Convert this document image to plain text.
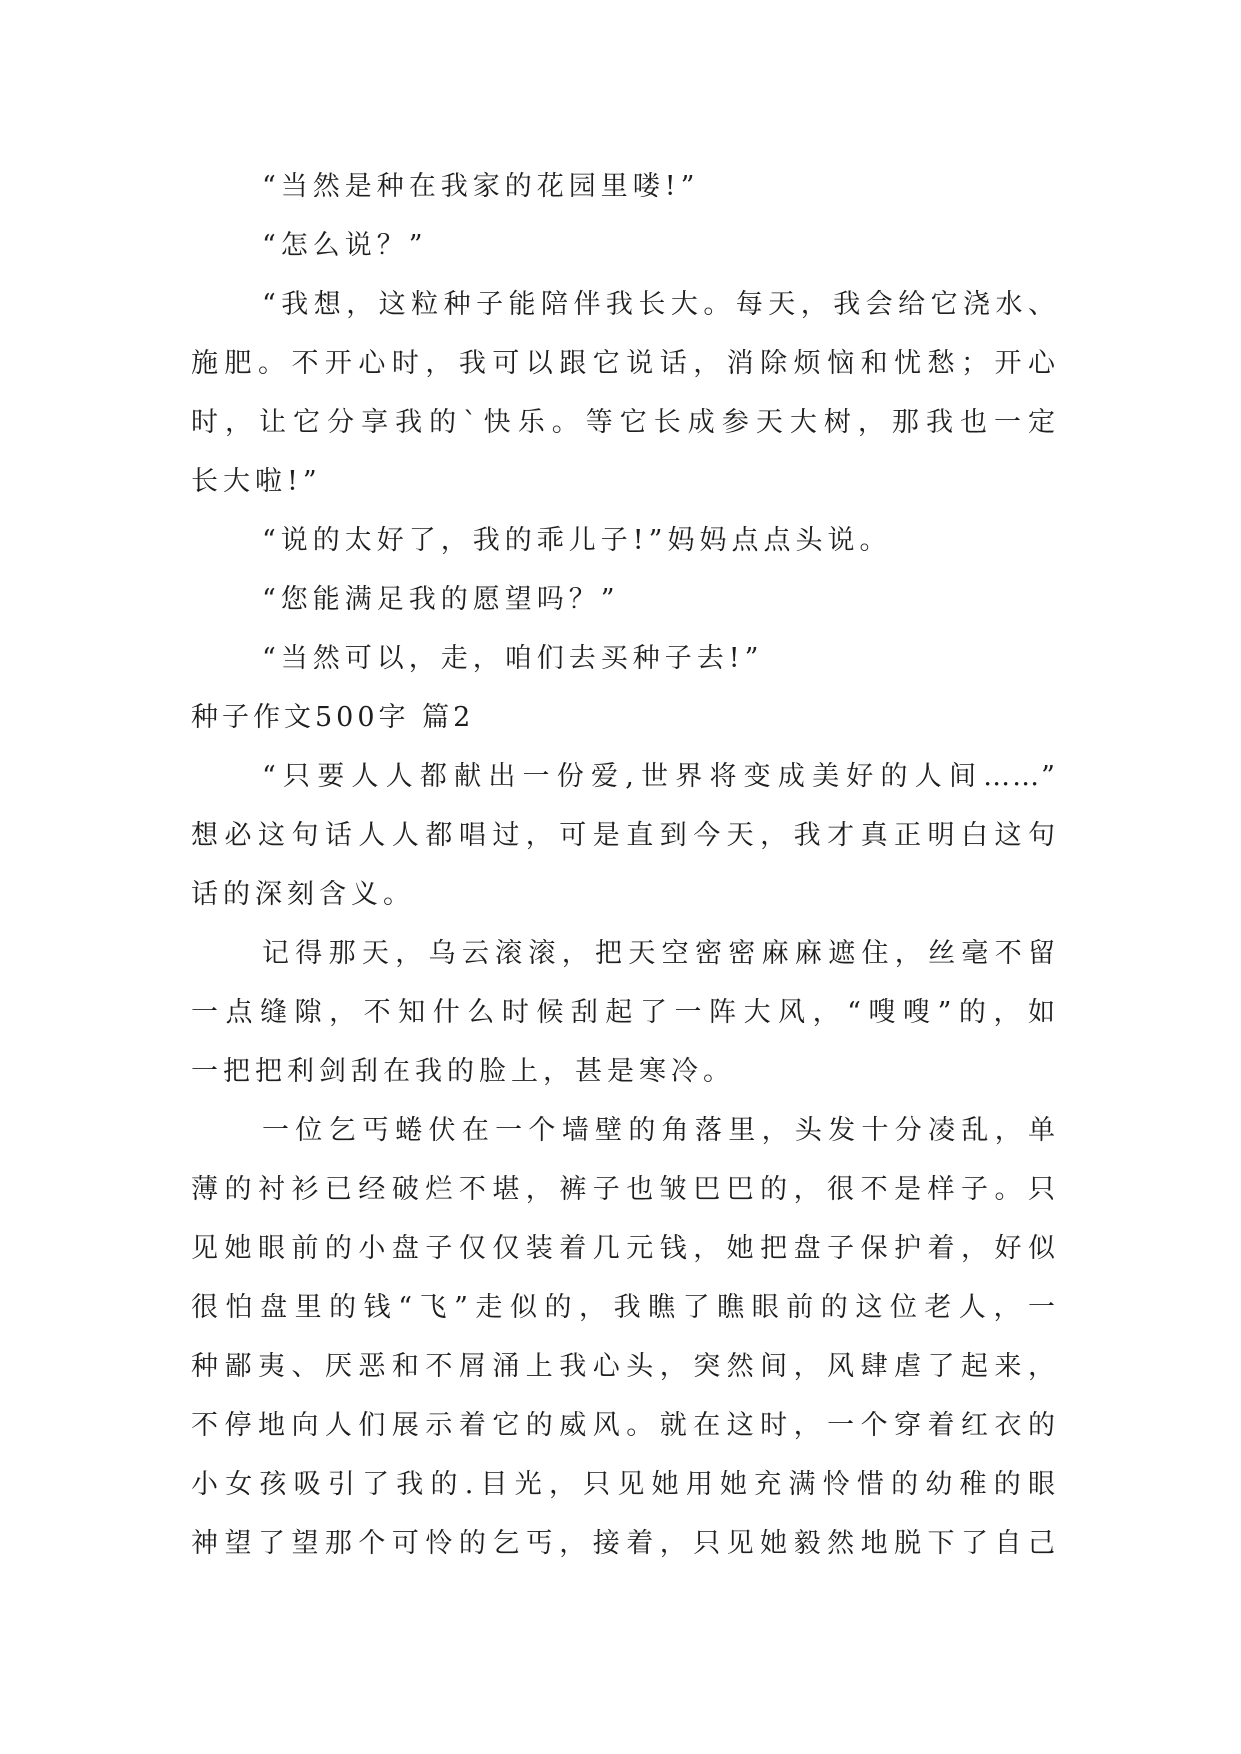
“当然是种在我家的花园里喽!”
“怎么说？”
“我想，这粒种子能陪伴我长大。每天，我会给它浇水、
施肥。不开心时，我可以跟它说话，消除烦恼和忧愁；开心
时，让它分享我的`快乐。等它长成参天大树，那我也一定
长大啦!”
“说的太好了，我的乖儿子!”妈妈点点头说。
“您能满足我的愿望吗？”
“当然可以，走，咱们去买种子去!”
种子作文500字 篇2
“只要人人都献出一份爱,世界将变成美好的人间……”
想必这句话人人都唱过，可是直到今天，我才真正明白这句
话的深刻含义。
记得那天，乌云滚滚，把天空密密麻麻遮住，丝毫不留
一点缝隙，不知什么时候刮起了一阵大风，“嗖嗖”的，如
一把把利剑刮在我的脸上，甚是寒冷。
一位乞丐蜷伏在一个墙壁的角落里，头发十分凌乱，单
薄的衬衫已经破烂不堪，裤子也皱巴巴的，很不是样子。只
见她眼前的小盘子仅仅装着几元钱，她把盘子保护着，好似
很怕盘里的钱“飞”走似的，我瞧了瞧眼前的这位老人，一
种鄙夷、厌恶和不屑涌上我心头，突然间，风肆虐了起来，
不停地向人们展示着它的威风。就在这时，一个穿着红衣的
小女孩吸引了我的.目光，只见她用她充满怜惜的幼稚的眼
神望了望那个可怜的乞丐，接着，只见她毅然地脱下了自己
